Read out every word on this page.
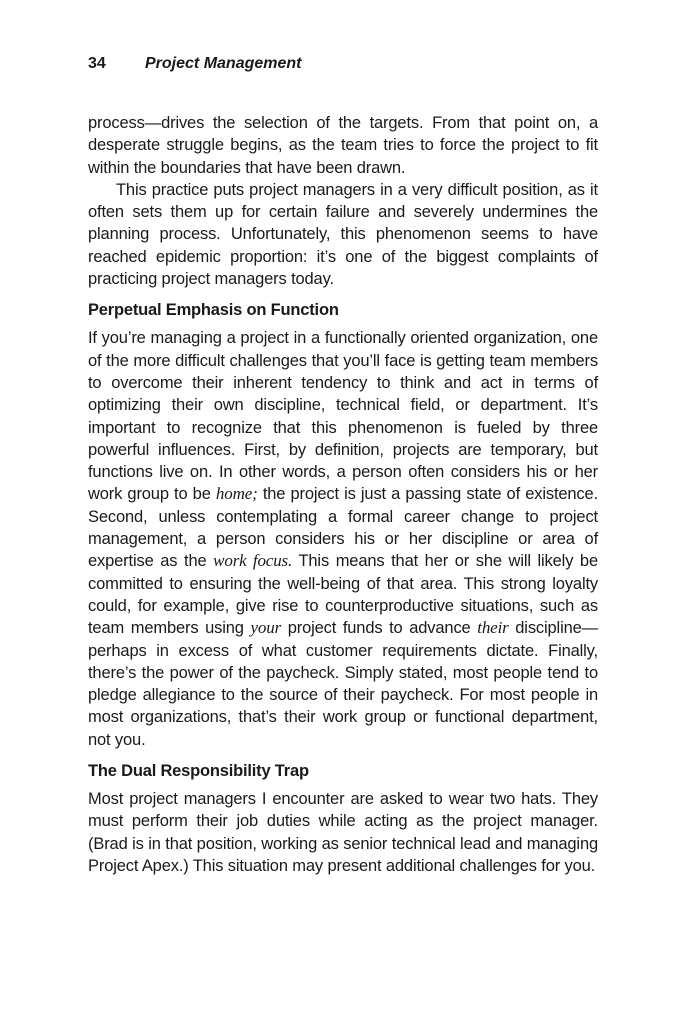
34 Project Management

process—drives the selection of the targets. From that point on, a desperate struggle begins, as the team tries to force the project to fit within the boundaries that have been drawn.

This practice puts project managers in a very difficult position, as it often sets them up for certain failure and severely undermines the planning process. Unfortunately, this phenomenon seems to have reached epidemic proportion: it’s one of the biggest complaints of practicing project managers today.

Perpetual Emphasis on Function

If you’re managing a project in a functionally oriented organization, one of the more difficult challenges that you’ll face is getting team members to overcome their inherent tendency to think and act in terms of optimizing their own discipline, technical field, or department. It’s important to recognize that this phenomenon is fueled by three powerful influences. First, by definition, projects are temporary, but functions live on. In other words, a person often considers his or her work group to be home; the project is just a passing state of existence. Second, unless contemplating a formal career change to project management, a person considers his or her discipline or area of expertise as the work focus. This means that her or she will likely be committed to ensuring the well-being of that area. This strong loyalty could, for example, give rise to counterproductive situations, such as team members using your project funds to advance their discipline—perhaps in excess of what customer requirements dictate. Finally, there’s the power of the paycheck. Simply stated, most people tend to pledge allegiance to the source of their paycheck. For most people in most organizations, that’s their work group or functional department, not you.

The Dual Responsibility Trap

Most project managers I encounter are asked to wear two hats. They must perform their job duties while acting as the project manager. (Brad is in that position, working as senior technical lead and managing Project Apex.) This situation may present additional challenges for you.
